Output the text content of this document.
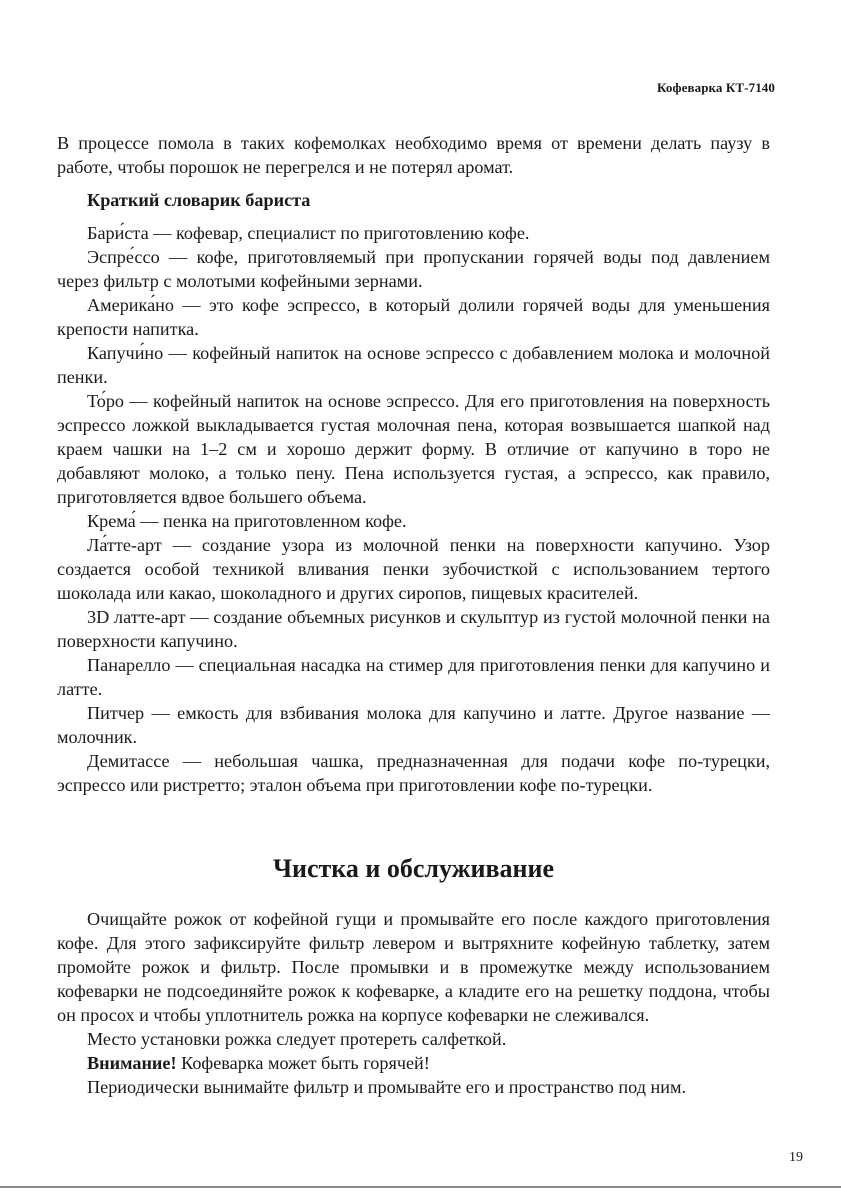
Кофеварка КТ-7140

В процессе помола в таких кофемолках необходимо время от времени делать паузу в работе, чтобы порошок не перегрелся и не потерял аромат.

Краткий словарик бариста

Бари́ста — кофевар, специалист по приготовлению кофе.

Эспре́ссо — кофе, приготовляемый при пропускании горячей воды под давлением через фильтр с молотыми кофейными зернами.

Америка́но — это кофе эспрессо, в который долили горячей воды для уменьшения крепости напитка.

Капучи́но — кофейный напиток на основе эспрессо с добавлением молока и молочной пенки.

То́ро — кофейный напиток на основе эспрессо. Для его приготовления на поверхность эспрессо ложкой выкладывается густая молочная пена, которая возвышается шапкой над краем чашки на 1–2 см и хорошо держит форму. В отличие от капучино в торо не добавляют молоко, а только пену. Пена используется густая, а эспрессо, как правило, приготовляется вдвое большего объема.

Крема́ — пенка на приготовленном кофе.

Ла́тте-арт — создание узора из молочной пенки на поверхности капучино. Узор создается особой техникой вливания пенки зубочисткой с использованием тертого шоколада или какао, шоколадного и других сиропов, пищевых красителей.

3D латте-арт — создание объемных рисунков и скульптур из густой молочной пенки на поверхности капучино.

Панарелло — специальная насадка на стимер для приготовления пенки для капучино и латте.

Питчер — емкость для взбивания молока для капучино и латте. Другое название — молочник.

Демитассе — небольшая чашка, предназначенная для подачи кофе по-турецки, эспрессо или ристретто; эталон объема при приготовлении кофе по-турецки.

Чистка и обслуживание

Очищайте рожок от кофейной гущи и промывайте его после каждого приготовления кофе. Для этого зафиксируйте фильтр левером и вытряхните кофейную таблетку, затем промойте рожок и фильтр. После промывки и в промежутке между использованием кофеварки не подсоединяйте рожок к кофеварке, а кладите его на решетку поддона, чтобы он просох и чтобы уплотнитель рожка на корпусе кофеварки не слеживался.

Место установки рожка следует протереть салфеткой.

Внимание! Кофеварка может быть горячей!

Периодически вынимайте фильтр и промывайте его и пространство под ним.

19
